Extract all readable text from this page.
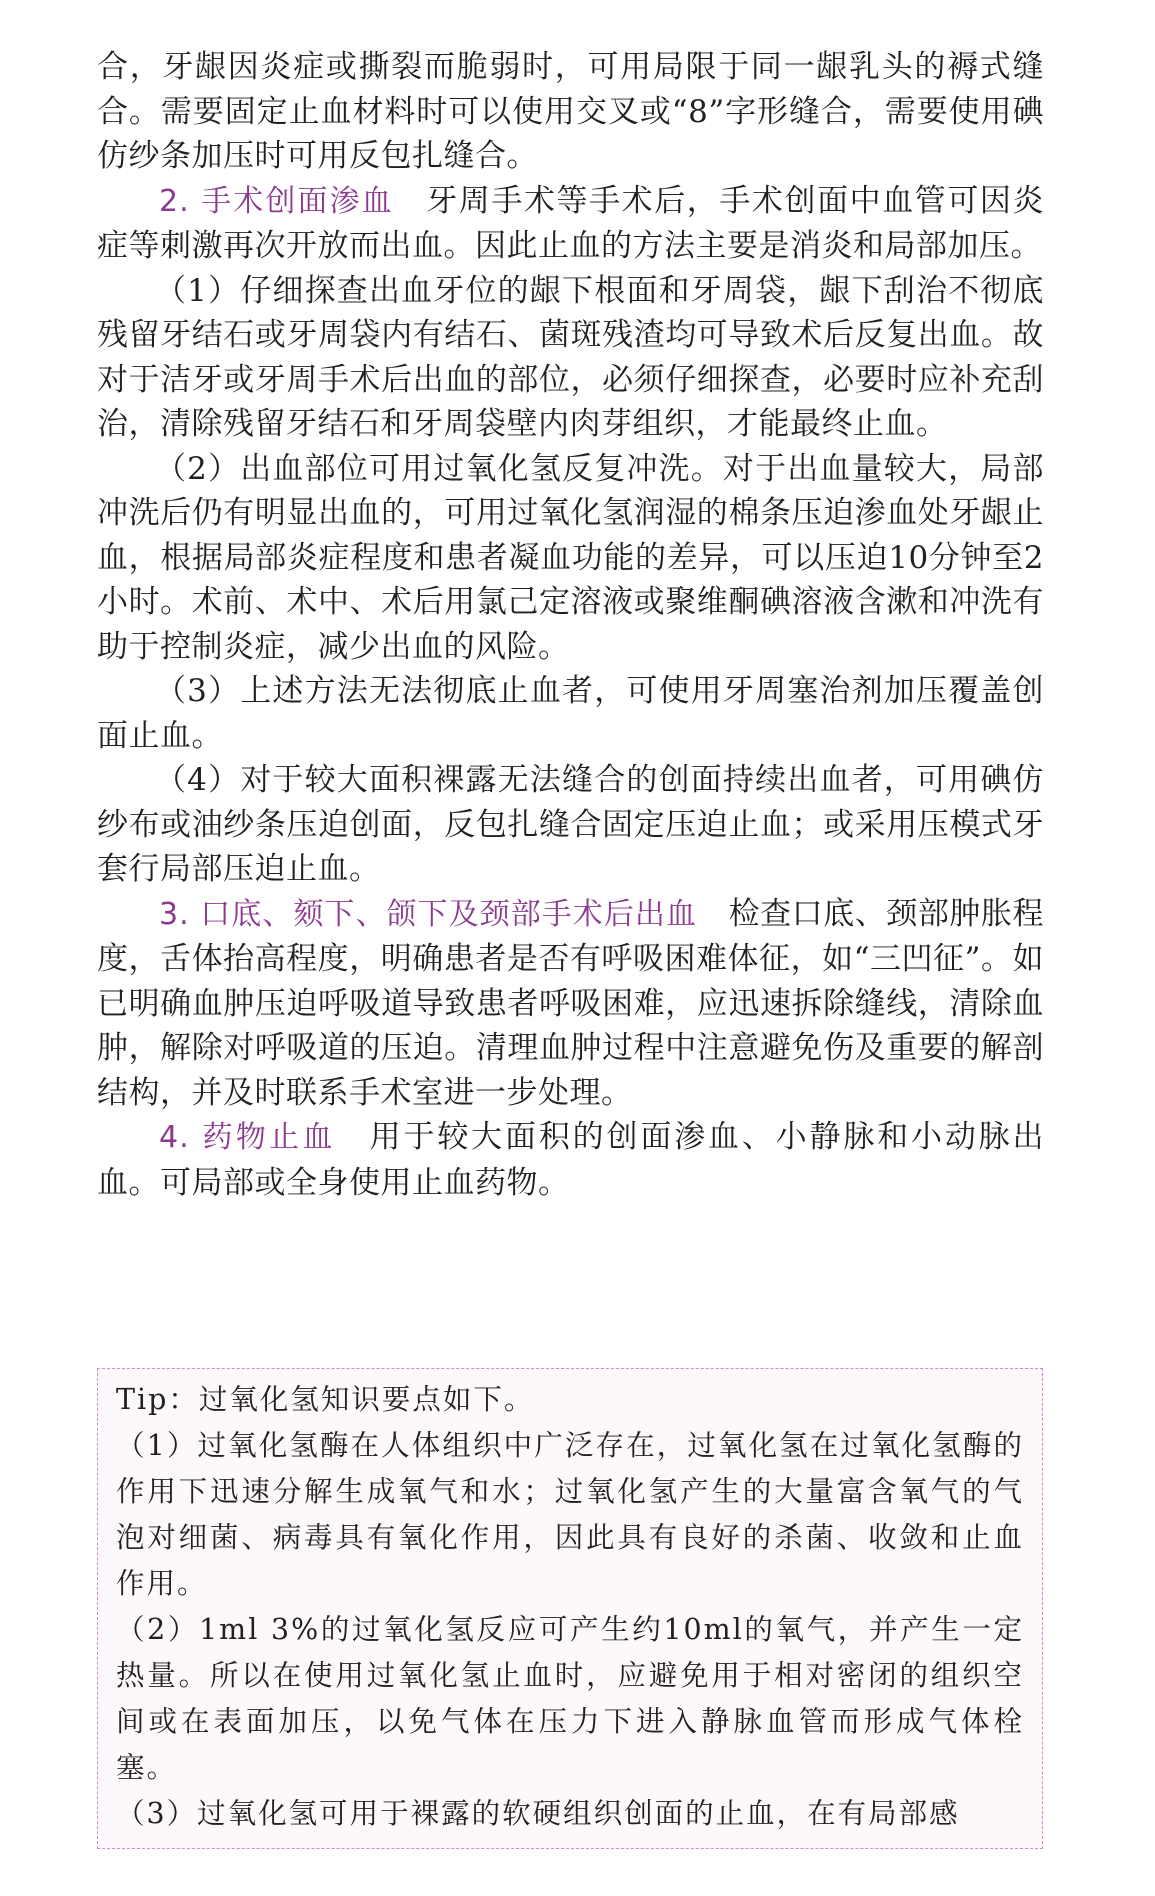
合，牙龈因炎症或撕裂而脆弱时，可用局限于同一龈乳头的褥式缝合。需要固定止血材料时可以使用交叉或“8”字形缝合，需要使用碘仿纱条加压时可用反包扎缝合。

2. 手术创面渗血　 牙周手术等手术后，手术创面中血管可因炎症等刺激再次开放而出血。因此止血的方法主要是消炎和局部加压。

（1）仔细探查出血牙位的龈下根面和牙周袋，龈下刮治不彻底残留牙结石或牙周袋内有结石、菌斑残渣均可导致术后反复出血。故对于洁牙或牙周手术后出血的部位，必须仔细探查，必要时应补充刮治，清除残留牙结石和牙周袋壁内肉芽组织，才能最终止血。

（2）出血部位可用过氧化氢反复冲洗。对于出血量较大，局部冲洗后仍有明显出血的，可用过氧化氢润湿的棉条压迫渗血处牙龈止血，根据局部炎症程度和患者凝血功能的差异，可以压迫10分钟至2小时。术前、术中、术后用氯己定溶液或聚维酮碘溶液含漱和冲洗有助于控制炎症，减少出血的风险。

（3）上述方法无法彻底止血者，可使用牙周塞治剂加压覆盖创面止血。

（4）对于较大面积裸露无法缝合的创面持续出血者，可用碘仿纱布或油纱条压迫创面，反包扎缝合固定压迫止血；或采用压模式牙套行局部压迫止血。

3. 口底、颏下、颌下及颈部手术后出血　 检查口底、颈部肿胀程度，舌体抬高程度，明确患者是否有呼吸困难体征，如“三凹征”。如已明确血肿压迫呼吸道导致患者呼吸困难，应迅速拆除缝线，清除血肿，解除对呼吸道的压迫。清理血肿过程中注意避免伤及重要的解剖结构，并及时联系手术室进一步处理。

4. 药物止血　 用于较大面积的创面渗血、小静脉和小动脉出血。可局部或全身使用止血药物。

Tip：过氧化氢知识要点如下。

（1）过氧化氢酶在人体组织中广泛存在，过氧化氢在过氧化氢酶的作用下迅速分解生成氧气和水；过氧化氢产生的大量富含氧气的气泡对细菌、病毒具有氧化作用，因此具有良好的杀菌、收敛和止血作用。

（2）1ml 3%的过氧化氢反应可产生约10ml的氧气，并产生一定热量。所以在使用过氧化氢止血时，应避免用于相对密闭的组织空间或在表面加压，以免气体在压力下进入静脉血管而形成气体栓塞。

（3）过氧化氢可用于裸露的软硬组织创面的止血，在有局部感
